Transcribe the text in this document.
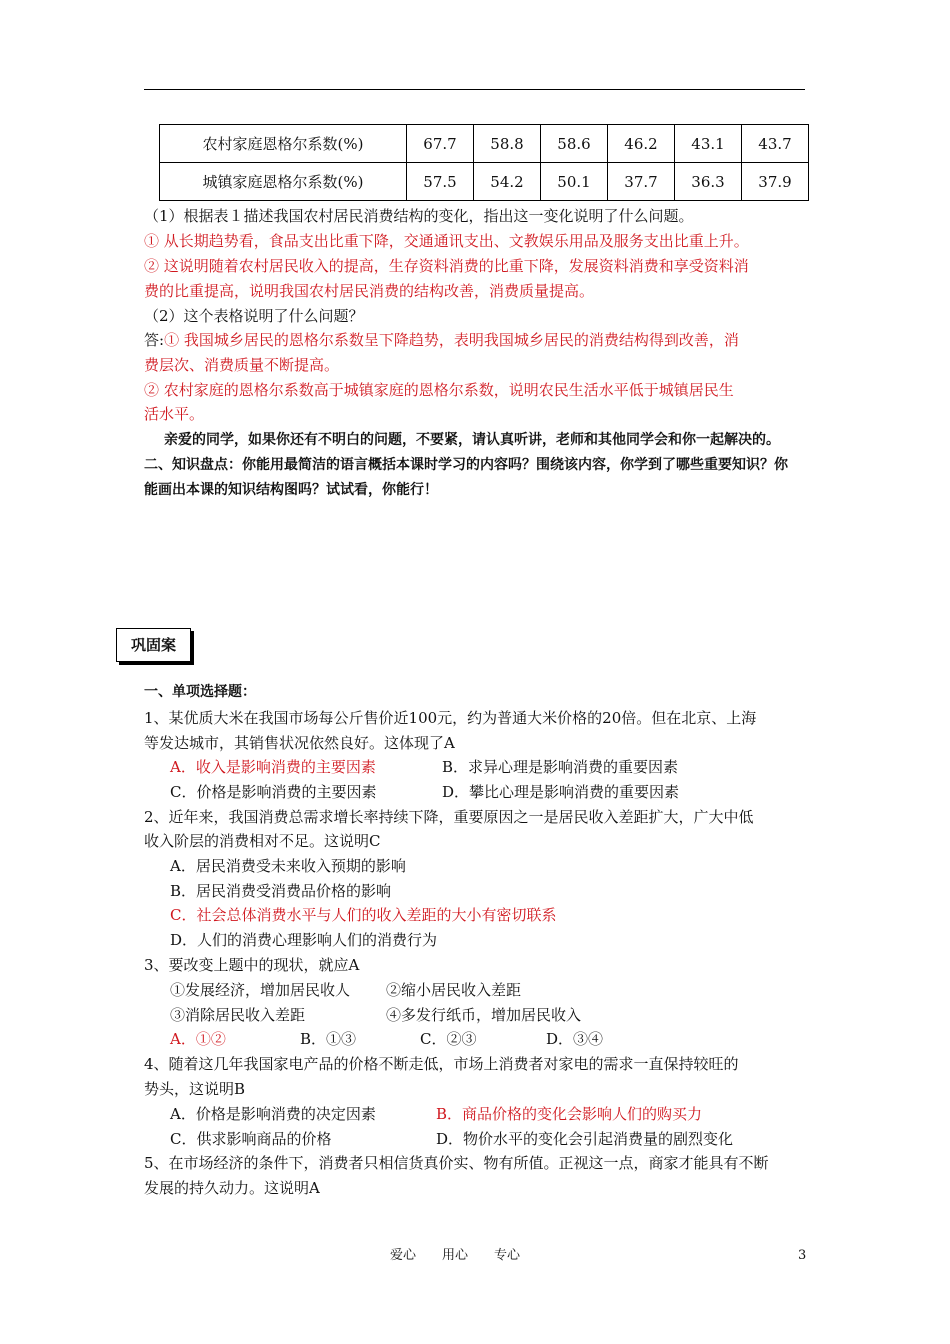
农村家庭恩格尔系数(%)	67.7	58.8	58.6	46.2	43.1	43.7
城镇家庭恩格尔系数(%)	57.5	54.2	50.1	37.7	36.3	37.9
（1）根据表１描述我国农村居民消费结构的变化，指出这一变化说明了什么问题。
① 从长期趋势看，食品支出比重下降，交通通讯支出、文教娱乐用品及服务支出比重上升。
② 这说明随着农村居民收入的提高，生存资料消费的比重下降，发展资料消费和享受资料消
费的比重提高，说明我国农村居民消费的结构改善，消费质量提高。
（2）这个表格说明了什么问题？
答:① 我国城乡居民的恩格尔系数呈下降趋势，表明我国城乡居民的消费结构得到改善，消
费层次、消费质量不断提高。
② 农村家庭的恩格尔系数高于城镇家庭的恩格尔系数，说明农民生活水平低于城镇居民生
活水平。
亲爱的同学，如果你还有不明白的问题，不要紧，请认真听讲，老师和其他同学会和你一起解决的。
二、知识盘点：你能用最简洁的语言概括本课时学习的内容吗？围绕该内容，你学到了哪些重要知识？你
能画出本课的知识结构图吗？试试看，你能行！
巩固案
一、单项选择题：
1、某优质大米在我国市场每公斤售价近100元，约为普通大米价格的20倍。但在北京、上海
等发达城市，其销售状况依然良好。这体现了A
A．收入是影响消费的主要因素	B．求异心理是影响消费的重要因素
C．价格是影响消费的主要因素	D．攀比心理是影响消费的重要因素
2、近年来，我国消费总需求增长率持续下降，重要原因之一是居民收入差距扩大，广大中低
收入阶层的消费相对不足。这说明C
A．居民消费受未来收入预期的影响
B．居民消费受消费品价格的影响
C．社会总体消费水平与人们的收入差距的大小有密切联系
D．人们的消费心理影响人们的消费行为
3、要改变上题中的现状，就应A
①发展经济，增加居民收人 ②缩小居民收入差距
③消除居民收入差距	④多发行纸币，增加居民收入
A．①②	B．①③	C．②③	D．③④
4、随着这几年我国家电产品的价格不断走低，市场上消费者对家电的需求一直保持较旺的
势头，这说明B
A．价格是影响消费的决定因素	B．商品价格的变化会影响人们的购买力
C．供求影响商品的价格	D．物价水平的变化会引起消费量的剧烈变化
5、在市场经济的条件下，消费者只相信货真价实、物有所值。正视这一点，商家才能具有不断
发展的持久动力。这说明A
爱心　　用心　　专心	3
